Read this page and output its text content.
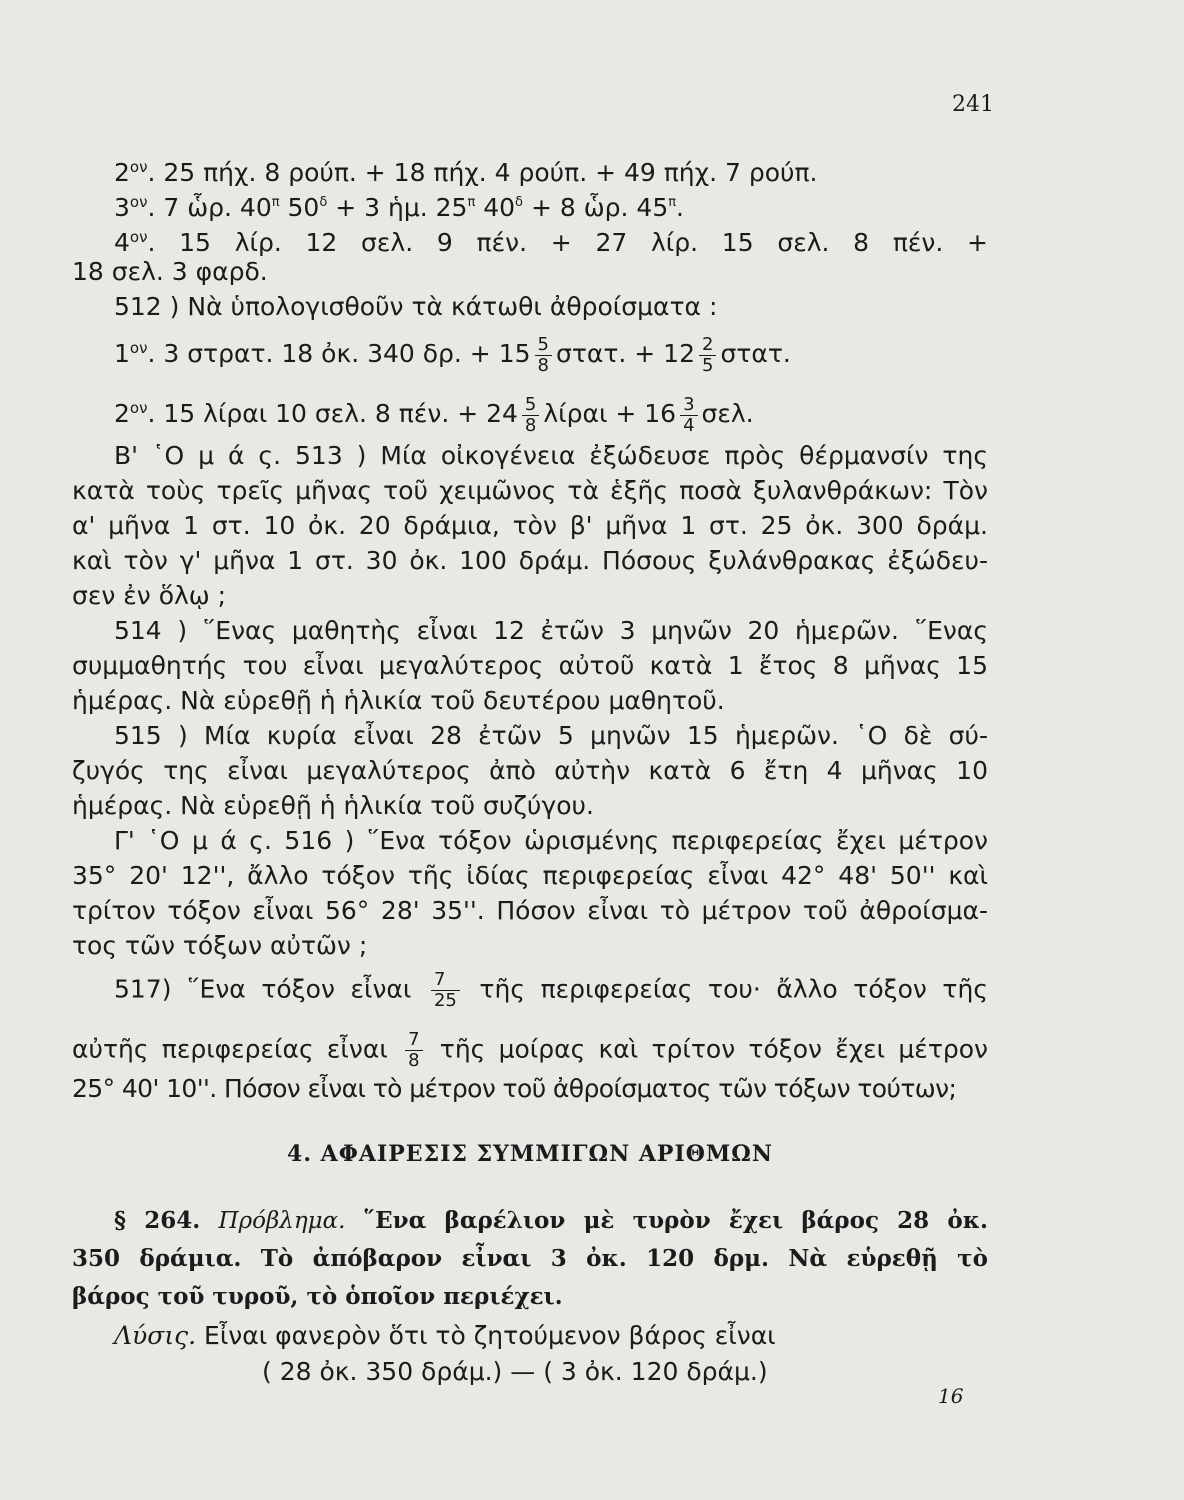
241
$2^{o\nu}$. 25 πήχ. 8 ρούπ. + 18 πήχ. 4 ρούπ. + 49 πήχ. 7 ρούπ.
$3^{o\nu}$. 7 ὧρ. $40^\pi$ $50^\delta + 3$ ἡμ. $25^\pi$ $40^\delta + 8$ ὧρ. $45^\pi$.
$4^{o\nu}$. 15 λίρ. 12 σελ. 9 πέν. + 27 λίρ. 15 σελ. 8 πέν. +
18 σελ. 3 φαρδ.
512 ) Νὰ ὑπολογισθοῦν τὰ κάτωθι ἀθροίσματα :
$1^{o\nu}$. 3 στρατ. 18 ὀκ. 340 δρ. + $15 \frac{5}{8} \sigma\tau\alpha\tau$. + $12 \frac{2}{5} \sigma\tau\alpha\tau$.
$2^{o\nu}$. 15 λίραι 10 σελ. 8 πέν. + $24 \frac{5}{8}$ $\lambda ί\rho\alpha\iota + 16 \frac{3}{4} \sigma\varepsilon\lambda$.
Β' ῾Ο μ ά ς. 513 ) Μία οἰκογένεια ἐξώδευσε πρὸς θέρμανσίν της
κατὰ τοὺς τρεῖς μῆνας τοῦ χειμῶνος τὰ ἑξῆς ποσὰ ξυλανθράκων: Τὸν
α' μῆνα 1 στ. 10 ὀκ. 20 δράμια, τὸν β' μῆνα 1 στ. 25 ὀκ. 300 δράμ.
καὶ τὸν γ' μῆνα 1 στ. 30 ὀκ. 100 δράμ. Πόσους ξυλάνθρακας ἐξώδευ-
σεν ἐν ὅλῳ ;
514 ) ῞Ενας μαθητὴς εἶναι 12 ἐτῶν 3 μηνῶν 20 ἡμερῶν. ῞Ενας
συμμαθητής του εἶναι μεγαλύτερος αὐτοῦ κατὰ 1 ἔτος 8 μῆνας 15
ἡμέρας. Νὰ εὑρεθῇ ἡ ἡλικία τοῦ δευτέρου μαθητοῦ.
515 ) Μία κυρία εἶναι 28 ἐτῶν 5 μηνῶν 15 ἡμερῶν. ῾Ο δὲ σύ-
ζυγός της εἶναι μεγαλύτερος ἀπὸ αὐτὴν κατὰ 6 ἔτη 4 μῆνας 10
ἡμέρας. Νὰ εὑρεθῇ ἡ ἡλικία τοῦ συζύγου.
Γ' ῾Ο μ ά ς. 516 ) ῞Ενα τόξον ὡρισμένης περιφερείας ἔχει μέτρον
35° 20' 12'', ἄλλο τόξον τῆς ἰδίας περιφερείας εἶναι 42° 48' 50'' καὶ
τρίτον τόξον εἶναι 56° 28' 35''. Πόσον εἶναι τὸ μέτρον τοῦ ἀθροίσμα-
τος τῶν τόξων αὐτῶν ;
517) ῞Ενα τόξον εἶναι $\frac{7}{25}$ τῆς περιφερείας του· ἄλλο τόξον τῆς
αὐτῆς περιφερείας εἶναι $\frac{7}{8}$ τῆς μοίρας καὶ τρίτον τόξον ἔχει μέτρον
25° 40' 10''. Πόσον εἶναι τὸ μέτρον τοῦ ἀθροίσματος τῶν τόξων τούτων;
4. ΑΦΑΙΡΕΣΙΣ ΣΥΜΜΙΓΩΝ ΑΡΙΘΜΩΝ
§ 264. Πρόβλημα. ῞Ενα βαρέλιον μὲ τυρὸν ἔχει βάρος 28 ὀκ.
350 δράμια. Τὸ ἀπόβαρον εἶναι 3 ὀκ. 120 δρμ. Νὰ εὑρεθῇ τὸ
βάρος τοῦ τυροῦ, τὸ ὁποῖον περιέχει.
Λύσις. Εἶναι φανερὸν ὅτι τὸ ζητούμενον βάρος εἶναι
( 28 ὀκ. 350 δράμ.) — ( 3 ὀκ. 120 δράμ.)
16
